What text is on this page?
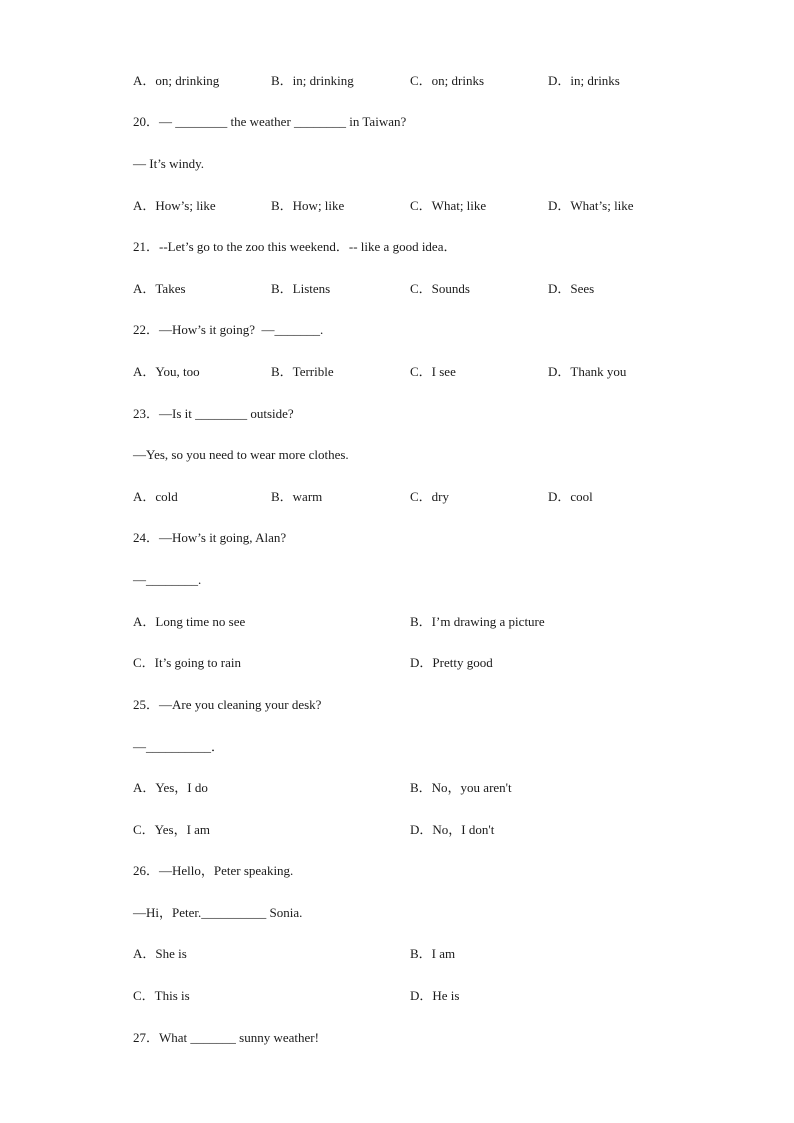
A．on; drinking	B．in; drinking	C．on; drinks	D．in; drinks
20．— ________ the weather ________ in Taiwan?
— It’s windy.
A．How’s; like	B．How; like	C．What; like	D．What’s; like
21．--Let’s go to the zoo this weekend．-- like a good idea．
A．Takes	B．Listens	C．Sounds	D．Sees
22．—How’s it going?  —_______.
A．You, too	B．Terrible	C．I see	D．Thank you
23．—Is it ________ outside?
—Yes, so you need to wear more clothes.
A．cold	B．warm	C．dry	D．cool
24．—How’s it going, Alan?
—________.
A．Long time no see	B．I’m drawing a picture
C．It’s going to rain	D．Pretty good
25．—Are you cleaning your desk?
—__________．
A．Yes，I do	B．No，you aren't
C．Yes，I am	D．No，I don't
26．—Hello，Peter speaking.
—Hi，Peter.__________ Sonia.
A．She is	B．I am
C．This is	D．He is
27．What _______ sunny weather!
